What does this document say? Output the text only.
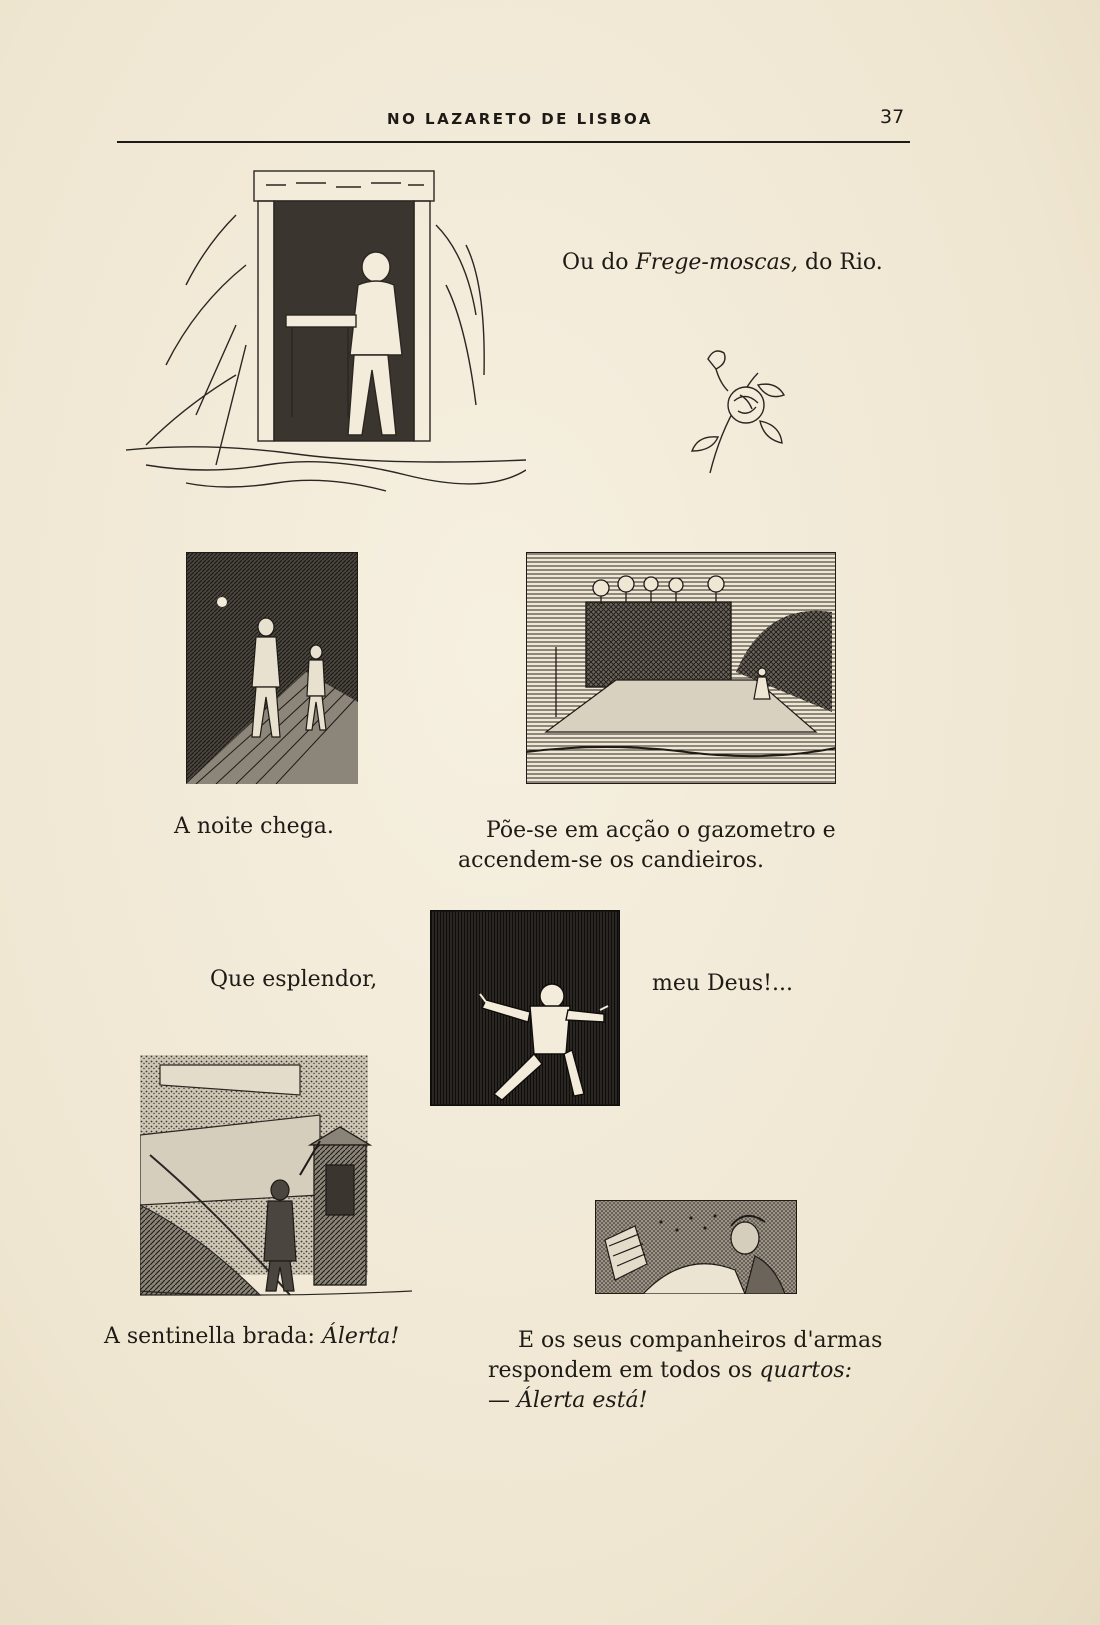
NO LAZARETO DE LISBOA	37
Ou do Frege-moscas, do Rio.
A noite chega.	Põe-se em acção o gazometro e
accendem-se os candieiros.
Que esplendor,	meu Deus!...
A sentinella brada: Álerta!	E os seus companheiros d'armas
respondem em todos os quartos:
— Álerta está!
